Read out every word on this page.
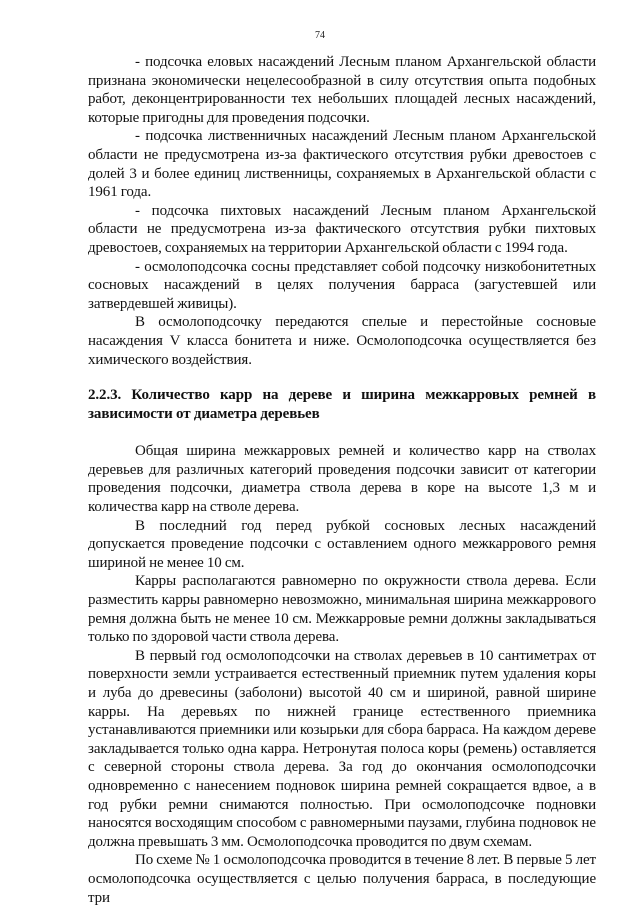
74

- подсочка еловых насаждений Лесным планом Архангельской области признана экономически нецелесообразной в силу отсутствия опыта подобных работ, деконцентрированности тех небольших площадей лесных насаждений, которые пригодны для проведения подсочки.

- подсочка лиственничных насаждений Лесным планом Архангельской области не предусмотрена из-за фактического отсутствия рубки древостоев с долей 3 и более единиц лиственницы, сохраняемых в Архангельской области с 1961 года.

- подсочка пихтовых насаждений Лесным планом Архангельской области не предусмотрена из-за фактического отсутствия рубки пихтовых древостоев, сохраняемых на территории Архангельской области с 1994 года.

- осмолоподсочка сосны представляет собой подсочку низкобонитетных сосновых насаждений в целях получения барраса (загустевшей или затвердевшей живицы).

В осмолоподсочку передаются спелые и перестойные сосновые насаждения V класса бонитета и ниже. Осмолоподсочка осуществляется без химического воздействия.

2.2.3. Количество карр на дереве и ширина межкарровых ремней в зависимости от диаметра деревьев

Общая ширина межкарровых ремней и количество карр на стволах деревьев для различных категорий проведения подсочки зависит от категории проведения подсочки, диаметра ствола дерева в коре на высоте 1,3 м и количества карр на стволе дерева.

В последний год перед рубкой сосновых лесных насаждений допускается проведение подсочки с оставлением одного межкаррового ремня шириной не менее 10 см.

Карры располагаются равномерно по окружности ствола дерева. Если разместить карры равномерно невозможно, минимальная ширина межкаррового ремня должна быть не менее 10 см. Межкарровые ремни должны закладываться только по здоровой части ствола дерева.

В первый год осмолоподсочки на стволах деревьев в 10 сантиметрах от поверхности земли устраивается естественный приемник путем удаления коры и луба до древесины (заболони) высотой 40 см и шириной, равной ширине карры. На деревьях по нижней границе естественного приемника устанавливаются приемники или козырьки для сбора барраса. На каждом дереве закладывается только одна карра. Нетронутая полоса коры (ремень) оставляется с северной стороны ствола дерева. За год до окончания осмолоподсочки одновременно с нанесением подновок ширина ремней сокращается вдвое, а в год рубки ремни снимаются полностью. При осмолоподсочке подновки наносятся восходящим способом с равномерными паузами, глубина подновок не должна превышать 3 мм. Осмолоподсочка проводится по двум схемам.

По схеме № 1 осмолоподсочка проводится в течение 8 лет. В первые 5 лет осмолоподсочка осуществляется с целью получения барраса, в последующие три
